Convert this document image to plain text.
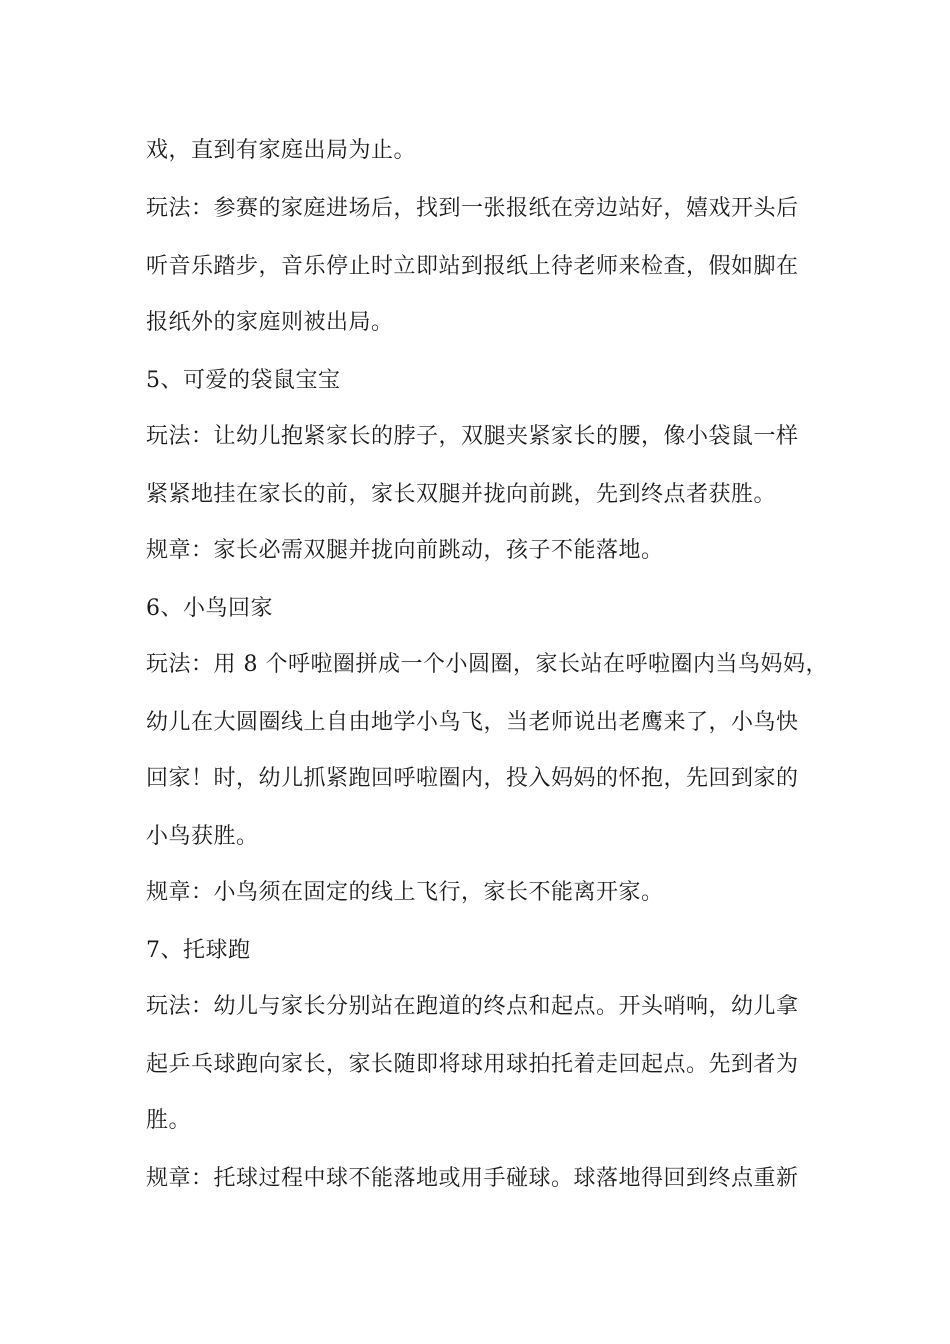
戏，直到有家庭出局为止。
玩法：参赛的家庭进场后，找到一张报纸在旁边站好，嬉戏开头后
听音乐踏步，音乐停止时立即站到报纸上待老师来检查，假如脚在
报纸外的家庭则被出局。
5、可爱的袋鼠宝宝
玩法：让幼儿抱紧家长的脖子，双腿夹紧家长的腰，像小袋鼠一样
紧紧地挂在家长的前，家长双腿并拢向前跳，先到终点者获胜。
规章：家长必需双腿并拢向前跳动，孩子不能落地。
6、小鸟回家
玩法：用 8 个呼啦圈拼成一个小圆圈，家长站在呼啦圈内当鸟妈妈，
幼儿在大圆圈线上自由地学小鸟飞，当老师说出老鹰来了，小鸟快
回家！时，幼儿抓紧跑回呼啦圈内，投入妈妈的怀抱，先回到家的
小鸟获胜。
规章：小鸟须在固定的线上飞行，家长不能离开家。
7、托球跑
玩法：幼儿与家长分别站在跑道的终点和起点。开头哨响，幼儿拿
起乒乓球跑向家长，家长随即将球用球拍托着走回起点。先到者为
胜。
规章：托球过程中球不能落地或用手碰球。球落地得回到终点重新
